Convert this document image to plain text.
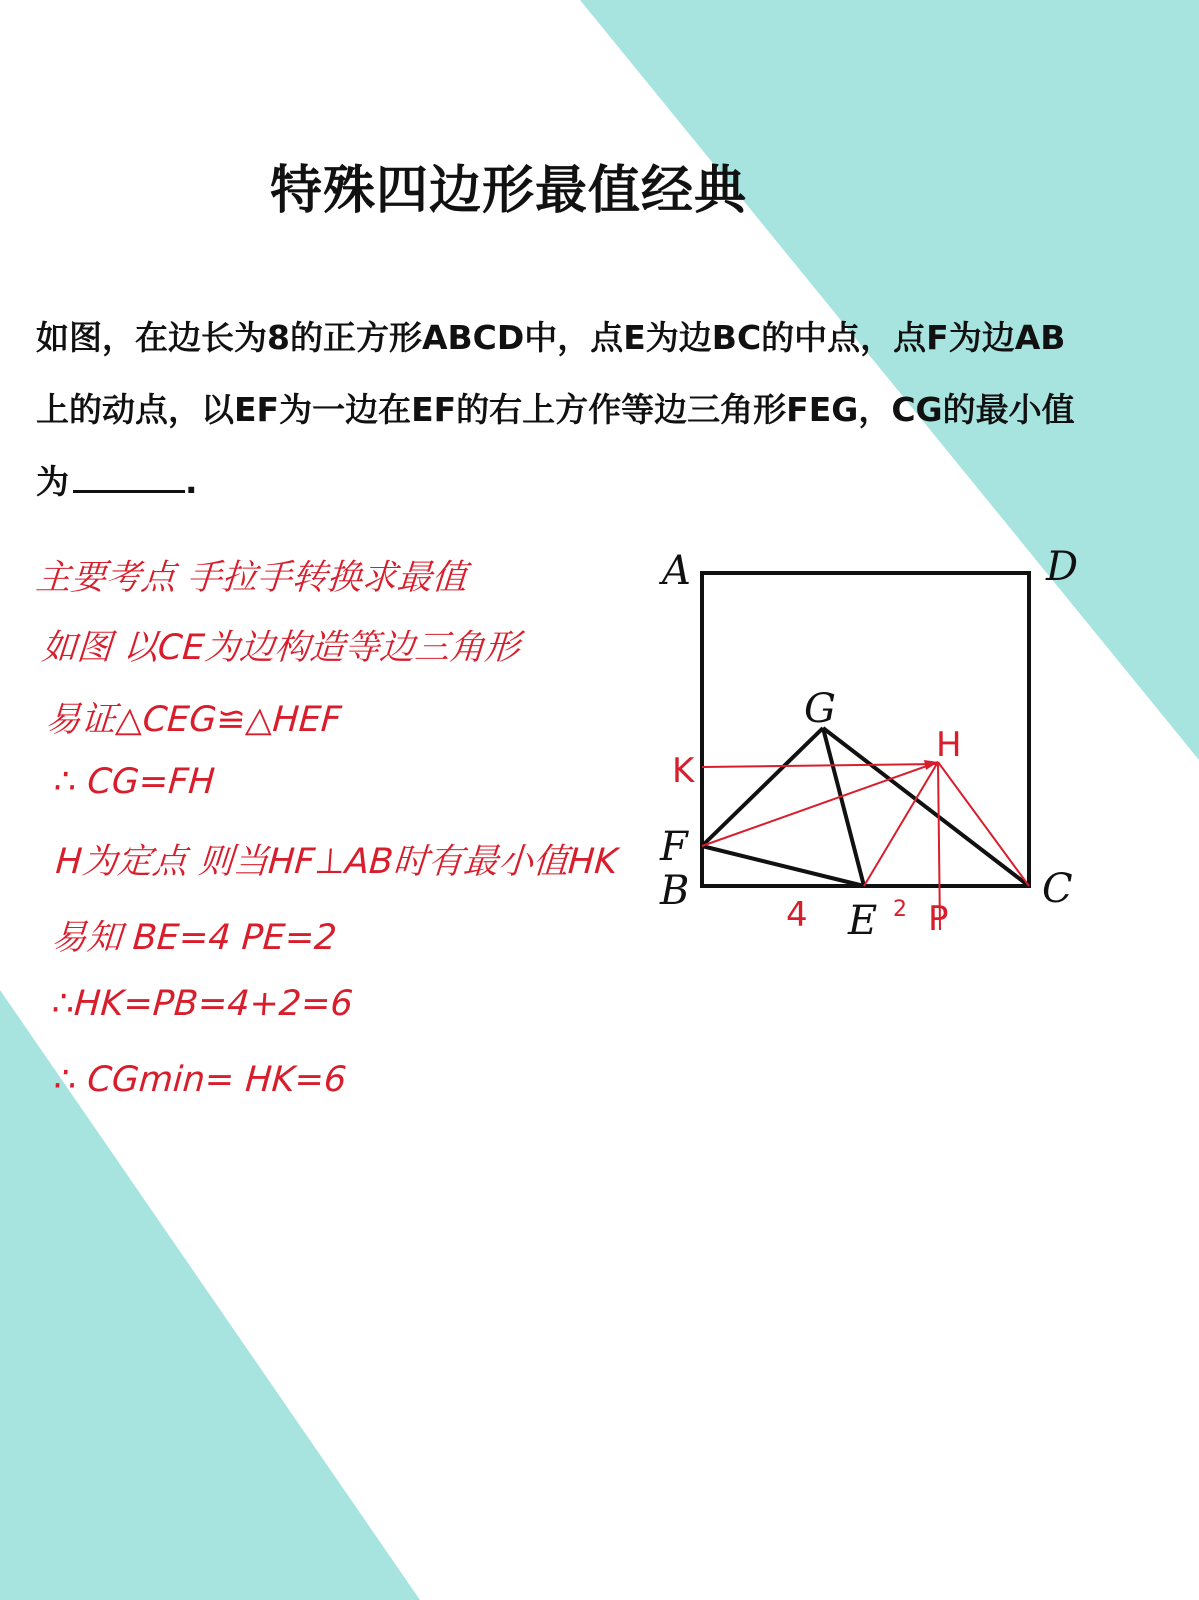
特殊四边形最值经典
如图，在边长为8的正方形ABCD中，点E为边BC的中点，点F为边AB
上的动点，以EF为一边在EF的右上方作等边三角形FEG，CG的最小值
为	.
主要考点 手拉手转换求最值
如图 以CE为边构造等边三角形
易证△CEG≌△HEF
∴ CG=FH
H为定点 则当HF⊥AB时有最小值HK
易知 BE=4 PE=2
∴HK=PB=4+2=6
∴ CGmin= HK=6
A	D
G
F
B	C
E
K
H
P
4	2
